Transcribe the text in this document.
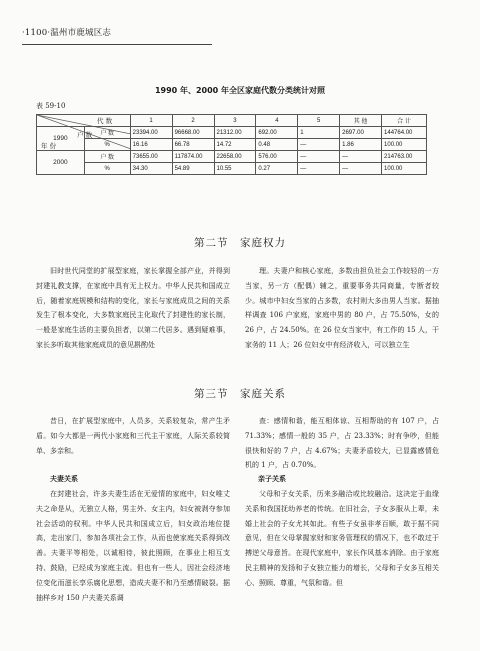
·1100·温州市鹿城区志
1990 年、2000 年全区家庭代数分类统计对照
表 59-10
代 数
户 数
年 份		1	2	3	4	5	其 他	合 计
1990	户 数	23394.00	96668.00	21312.00	692.00	1	2697.00	144764.00
	%	16.16	66.78	14.72	0.48	—	1.86	100.00
2000	户 数	73655.00	117874.00	22658.00	576.00	—	—	214763.00
	%	34.30	54.89	10.55	0.27	—	—	100.00
第二节　家庭权力

旧时世代同堂的扩展型家庭，家长掌握全部产业，并得到封建礼教支撑，在家庭中具有无上权力。中华人民共和国成立后，随着家庭规模和结构的变化，家长与家庭成员之间的关系发生了根本变化，大多数家庭民主化取代了封建性的家长制，一般是家庭生活的主要负担者，以第二代居多。遇到疑难事，家长多听取其他家庭成员的意见斟酌处

理。夫妻户和核心家庭，多数由担负社会工作较轻的一方当家，另一方（配偶）辅之，重要事务共同商量，专断者较少。城市中妇女当家的占多数，农村则大多由男人当家。据抽样调查 106 户家庭，家庭中男的 80 户，占 75.50%，女的 26 户，占 24.50%。在 26 位女当家中，有工作的 15 人，干家务的 11 人；26 位妇女中有经济收入，可以独立生

第三节　家庭关系

昔日，在扩展型家庭中，人员多，关系较复杂，常产生矛盾。如今大都是一两代小家庭和三代主干家庭，人际关系较简单、多亲和。

查：感情和谐，能互相体谅、互相帮助的有 107 户，占 71.33%；感情一般的 35 户，占 23.33%；时有争吵，但能很快和好的 7 户，占 4.67%；夫妻矛盾较大，已显露感情危机的 1 户，占 0.70%。

夫妻关系	亲子关系

在封建社会，许多夫妻生活在无爱情的家庭中，妇女唯丈夫之命是从，无独立人格，男主外、女主内，妇女被剥夺参加社会活动的权利。中华人民共和国成立后，妇女政治地位提高，走出家门，参加各项社会工作，从而也使家庭关系得到改善。夫妻平等相处，以诚相待，彼此照顾，在事业上相互支持、鼓励，已经成为家庭主流。但也有一些人，因社会经济地位变化而滋长享乐腐化思想，造成夫妻不和乃至感情破裂。据抽样乡对 150 户夫妻关系调

父母和子女关系，历来多融洽或比较融洽。这决定于血缘关系和我国抚幼养老的传统。在旧社会，子女多服从上辈，未婚上社会的子女尤其如此。有些子女虽非孝百顺，敢于据不同意见，但在父母掌握家财和家务管理权的情况下，也不敢过于搏逆父母意旨。在现代家庭中，家长作风基本消除。由于家庭民主精神的发扬和子女独立能力的增长，父母和子女多互相关心、照顾、尊重，气氛和谐。但
